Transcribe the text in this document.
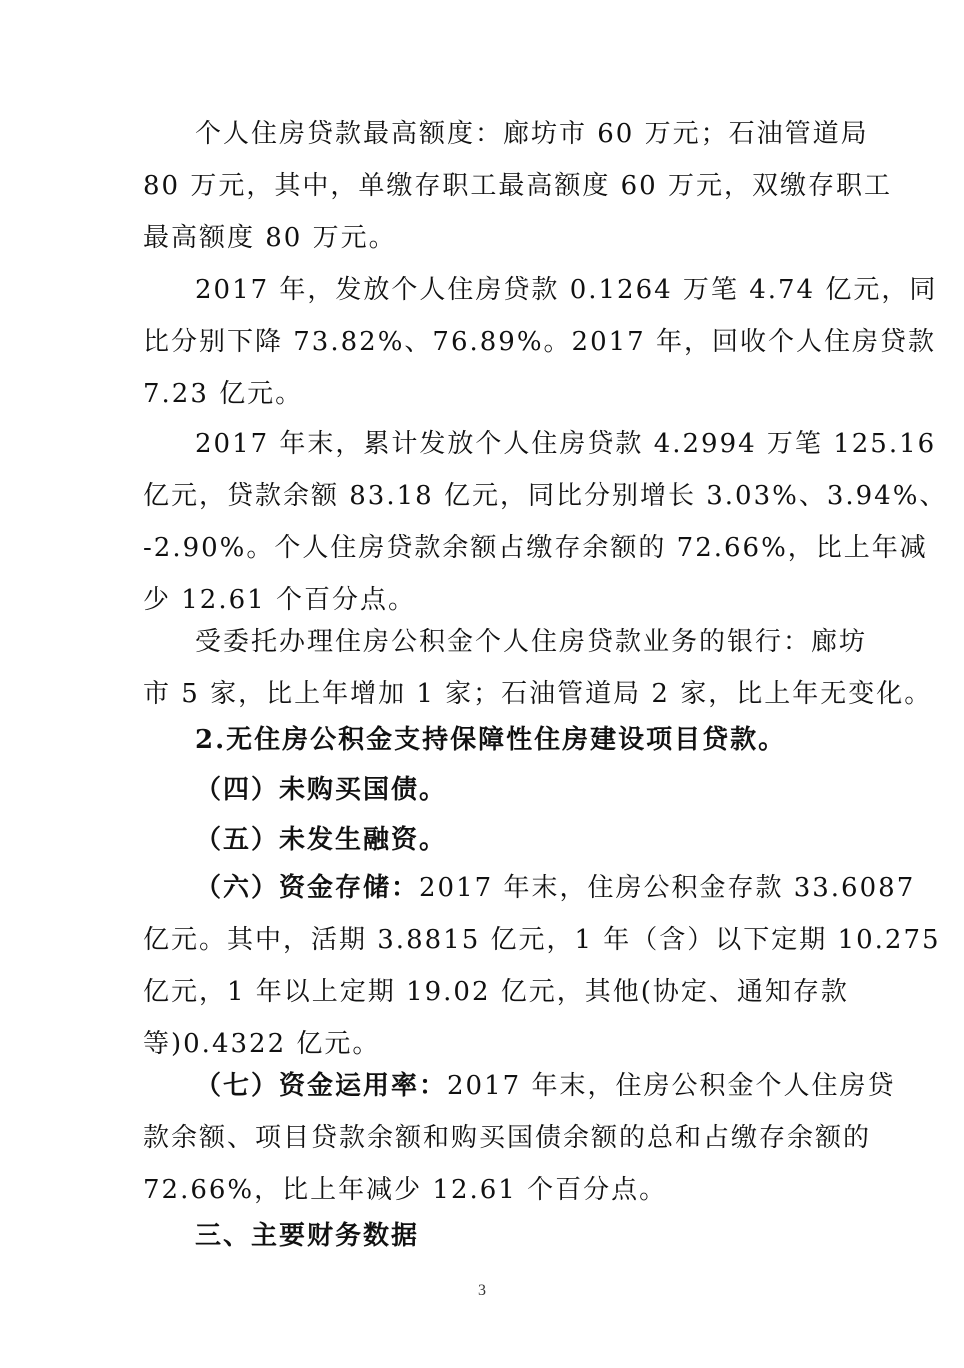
个人住房贷款最高额度：廊坊市 60 万元；石油管道局
80 万元，其中，单缴存职工最高额度 60 万元，双缴存职工
最高额度 80 万元。
2017 年，发放个人住房贷款 0.1264 万笔 4.74 亿元，同
比分别下降 73.82%、76.89%。2017 年，回收个人住房贷款
7.23 亿元。
2017 年末，累计发放个人住房贷款 4.2994 万笔 125.16
亿元，贷款余额 83.18 亿元，同比分别增长 3.03%、3.94%、
-2.90%。个人住房贷款余额占缴存余额的 72.66%，比上年减
少 12.61 个百分点。
受委托办理住房公积金个人住房贷款业务的银行：廊坊
市 5 家，比上年增加 1 家；石油管道局 2 家，比上年无变化。
2.无住房公积金支持保障性住房建设项目贷款。
（四）未购买国债。
（五）未发生融资。
（六）资金存储：2017 年末，住房公积金存款 33.6087
亿元。其中，活期 3.8815 亿元，1 年（含）以下定期 10.275
亿元，1 年以上定期 19.02 亿元，其他(协定、通知存款
等)0.4322 亿元。
（七）资金运用率：2017 年末，住房公积金个人住房贷
款余额、项目贷款余额和购买国债余额的总和占缴存余额的
72.66%，比上年减少 12.61 个百分点。
三、主要财务数据
3
